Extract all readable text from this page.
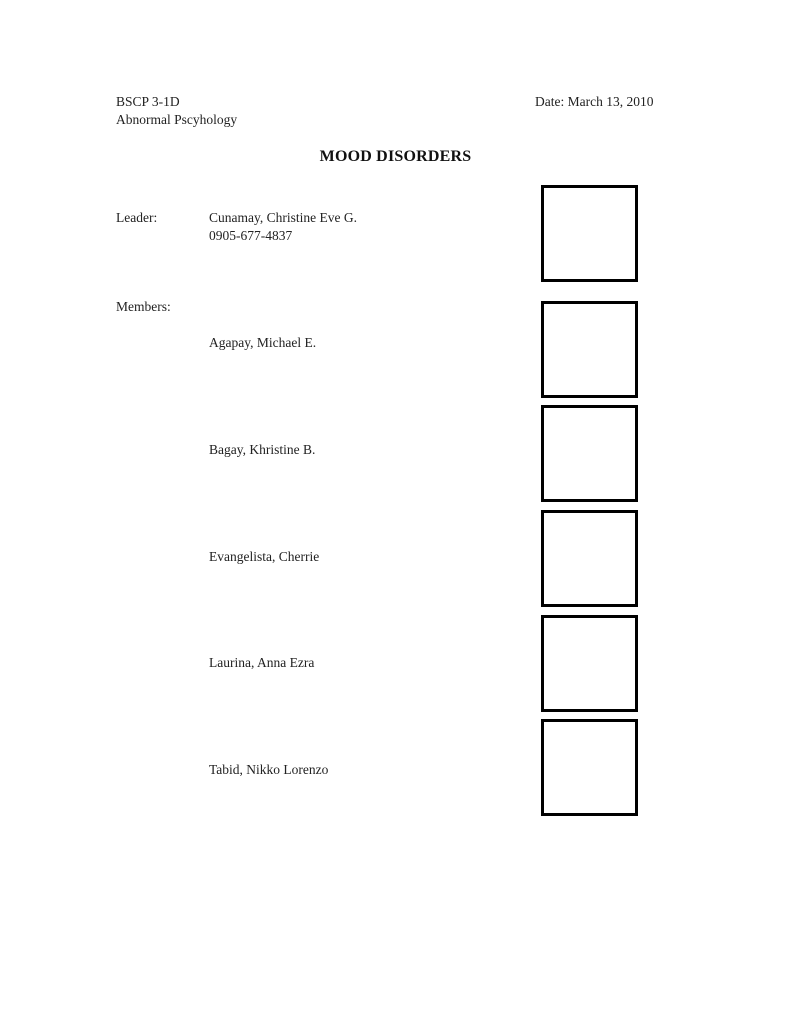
BSCP 3-1D
Abnormal Pscyhology
Date: March 13, 2010
MOOD DISORDERS
Leader:	Cunamay, Christine Eve G.
0905-677-4837
Members:
Agapay, Michael E.
Bagay, Khristine B.
Evangelista, Cherrie
Laurina, Anna Ezra
Tabid, Nikko Lorenzo
